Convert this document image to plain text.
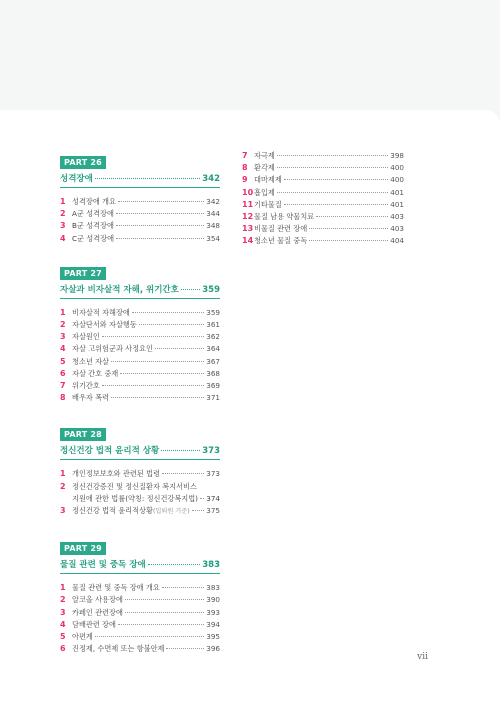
PART 26
성격장애	342
1 성격장애 개요	342
2 A군 성격장애	344
3 B군 성격장애	348
4 C군 성격장애	354
PART 27
자살과 비자살적 자해, 위기간호	359
1 비자살적 자해장애	359
2 자살단서와 자살행동	361
3 자살원인	362
4 자살 고위험군과 사정요인	364
5 청소년 자살	367
6 자살 간호 중재	368
7 위기간호	369
8 배우자 폭력	371
PART 28
정신건강 법적 윤리적 상황	373
1 개인정보보호와 관련된 법령	373
2 정신건강증진 및 정신질환자 복지서비스
지원에 관한 법률 (약칭: 정신건강복지법) 374
3 정신건강 법적 윤리적상황 (입퇴원 기준) 375
PART 29
물질 관련 및 중독 장애	383
1 물질 관련 및 중독 장애 개요	383
2 알코올 사용장애	390
3 카페인 관련장애	393
4 담배관련 장애	394
5 아편계	395
6 진정제, 수면제 또는 항불안제	396
7 자극제	398
8 환각제	400
9 대마제제	400
10 흡입제	401
11 기타물질	401
12 물질 남용 약물치료	403
13 비물질 관련 장애	403
14 청소년 물질 중독	404
vii
